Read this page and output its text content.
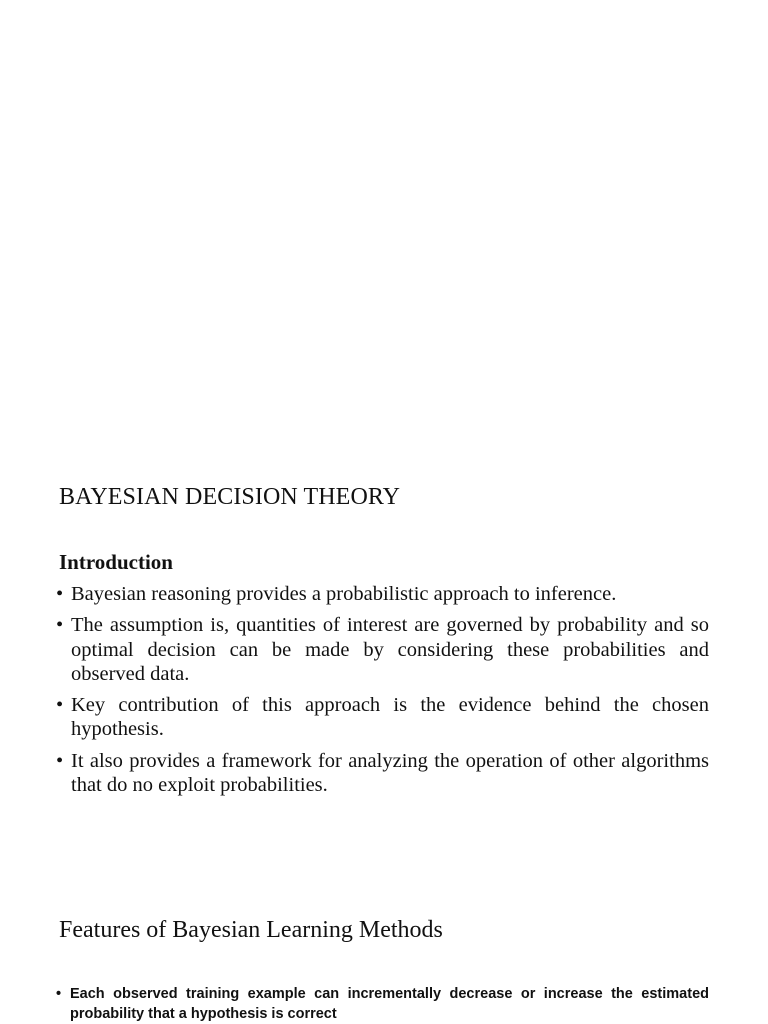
BAYESIAN DECISION THEORY
Introduction
• Bayesian reasoning provides a probabilistic approach to inference.
• The assumption is, quantities of interest are governed by probability and so optimal decision can be made by considering these probabilities and observed data.
• Key contribution of this approach is the evidence behind the chosen hypothesis.
• It also provides a framework for analyzing the operation of other algorithms that do no exploit probabilities.
Features of Bayesian Learning Methods
• Each observed training example can incrementally decrease or increase the estimated probability that a hypothesis is correct
